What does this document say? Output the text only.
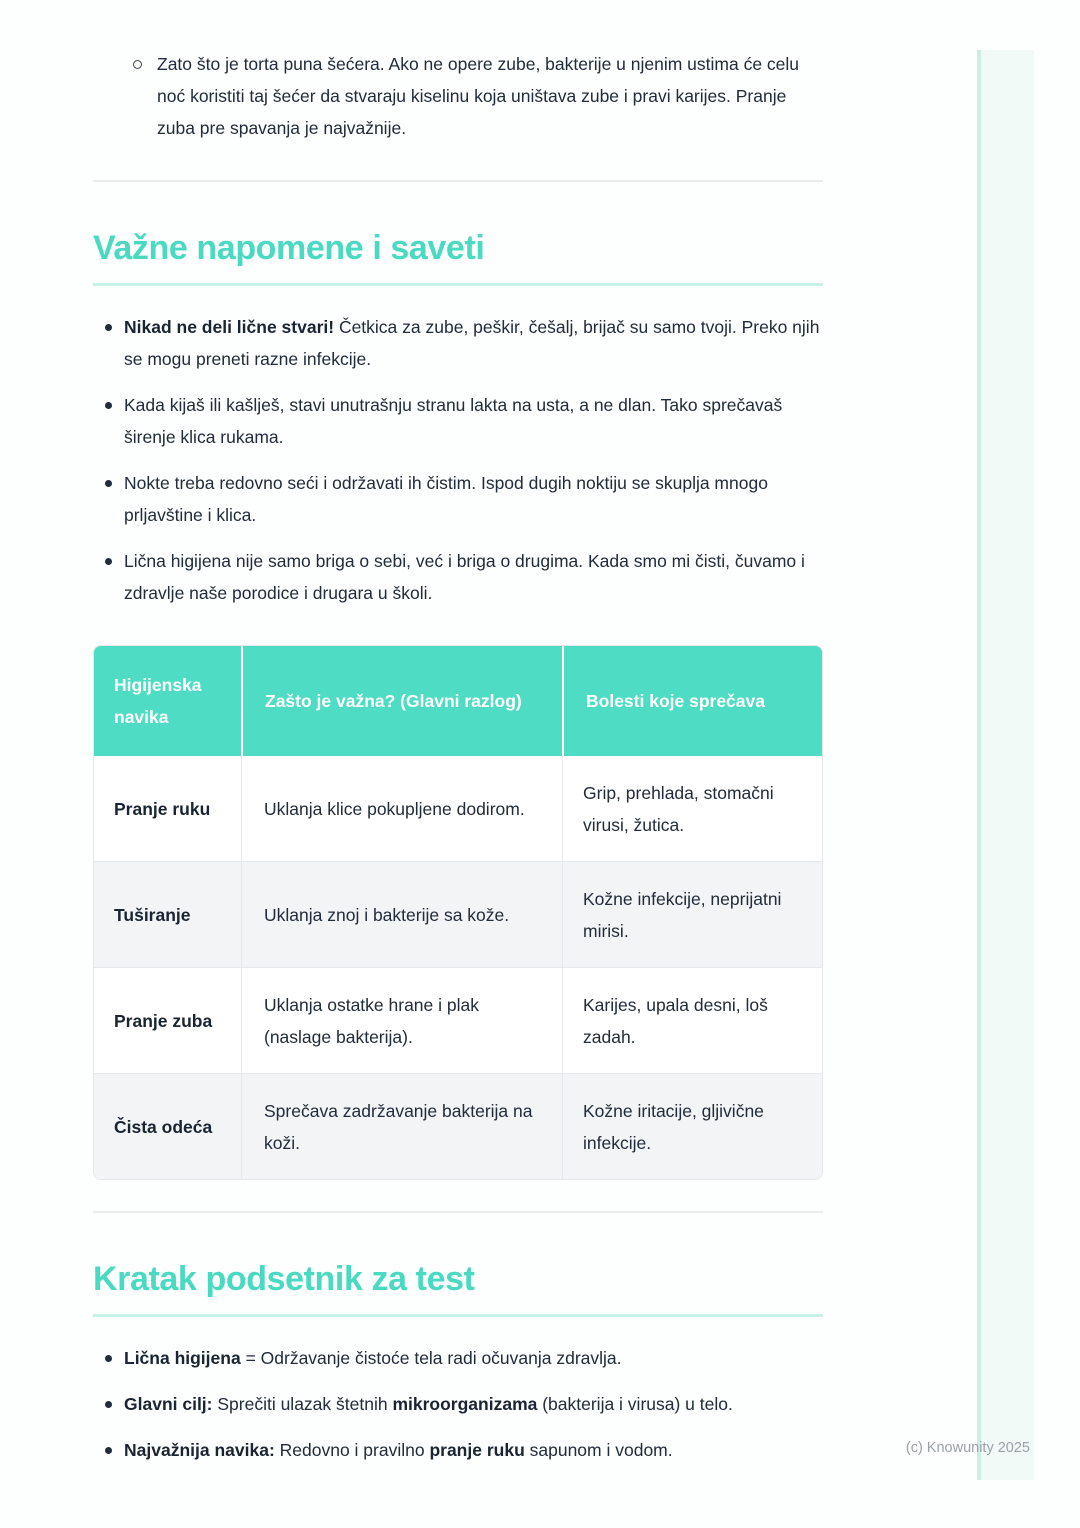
Zato što je torta puna šećera. Ako ne opere zube, bakterije u njenim ustima će celu noć koristiti taj šećer da stvaraju kiselinu koja uništava zube i pravi karijes. Pranje zuba pre spavanja je najvažnije.
Važne napomene i saveti
Nikad ne deli lične stvari! Četkica za zube, peškir, češalj, brijač su samo tvoji. Preko njih se mogu preneti razne infekcije.
Kada kijaš ili kašlješ, stavi unutrašnju stranu lakta na usta, a ne dlan. Tako sprečavaš širenje klica rukama.
Nokte treba redovno seći i održavati ih čistim. Ispod dugih noktiju se skuplja mnogo prljavštine i klica.
Lična higijena nije samo briga o sebi, već i briga o drugima. Kada smo mi čisti, čuvamo i zdravlje naše porodice i drugara u školi.
Higijenska navika	Zašto je važna? (Glavni razlog)	Bolesti koje sprečava
Pranje ruku	Uklanja klice pokupljene dodirom.	Grip, prehlada, stomačni virusi, žutica.
Tuširanje	Uklanja znoj i bakterije sa kože.	Kožne infekcije, neprijatni mirisi.
Pranje zuba	Uklanja ostatke hrane i plak (naslage bakterija).	Karijes, upala desni, loš zadah.
Čista odeća	Sprečava zadržavanje bakterija na koži.	Kožne iritacije, gljivične infekcije.
Kratak podsetnik za test
Lična higijena = Održavanje čistoće tela radi očuvanja zdravlja.
Glavni cilj: Sprečiti ulazak štetnih mikroorganizama (bakterija i virusa) u telo.
Najvažnija navika: Redovno i pravilno pranje ruku sapunom i vodom.	(c) Knowunity 2025
